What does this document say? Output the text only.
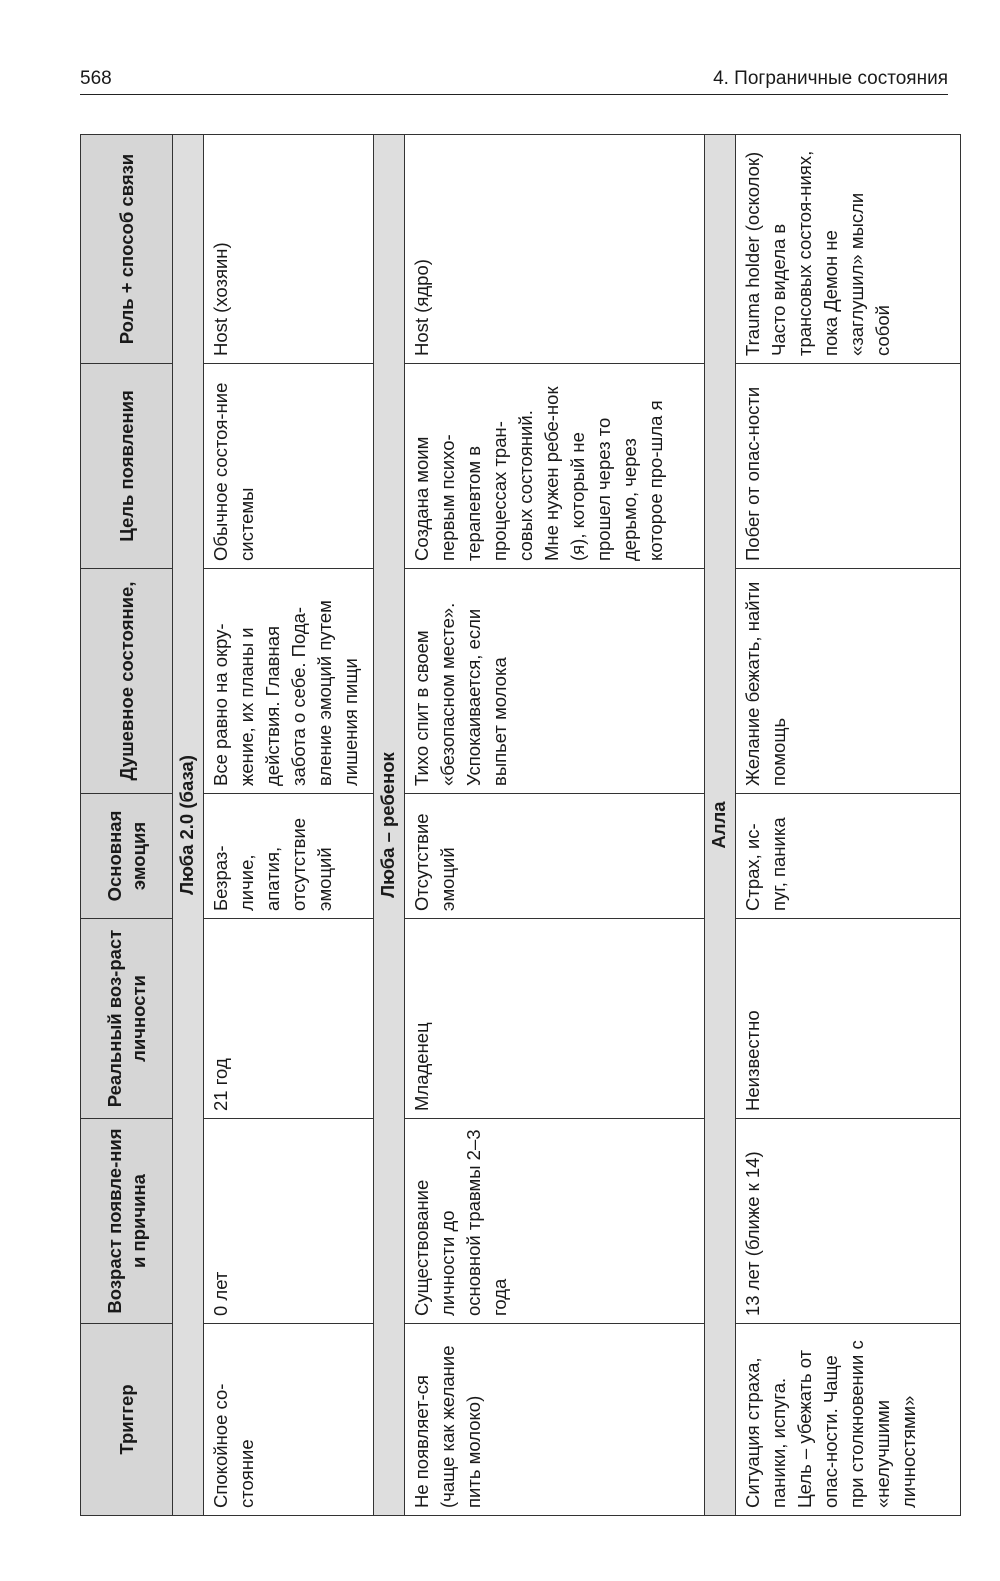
568	4. Пограничные состояния
Триггер	Возраст появле-ния и причина	Реальный воз-раст личности	Основная эмоция	Душевное состояние,	Цель появления	Роль + способ связи
Люба 2.0 (база)						
Спокойное со-стояние	0 лет	21 год	Безраз-личие, апатия, отсутствие эмоций	Все равно на окру-жение, их планы и действия. Главная забота о себе. Пода-вление эмоций путем лишения пищи	Обычное состоя-ние системы	Host (хозяин)
Люба – ребенок						
Не появляет-ся (чаще как желание пить молоко)	Существование личности до основной травмы 2–3 года	Младенец	Отсутствие эмоций	Тихо спит в своем «безопасном месте». Успокаивается, если выпьет молока	Создана моим первым психо-терапевтом в процессах тран-совых состояний. Мне нужен ребе-нок (я), который не прошел через то дерьмо, через которое про-шла я	Host (ядро)
Алла						
Ситуация страха, паники, испуга. Цель – убежать от опас-ности. Чаще при столкновении с «нелучшими личностями»	13 лет (ближе к 14)	Неизвестно	Страх, ис-пуг, паника	Желание бежать, найти помощь	Побег от опас-ности	Trauma holder (осколок) Часто видела в трансовых состоя-ниях, пока Демон не «заглушил» мысли собой
